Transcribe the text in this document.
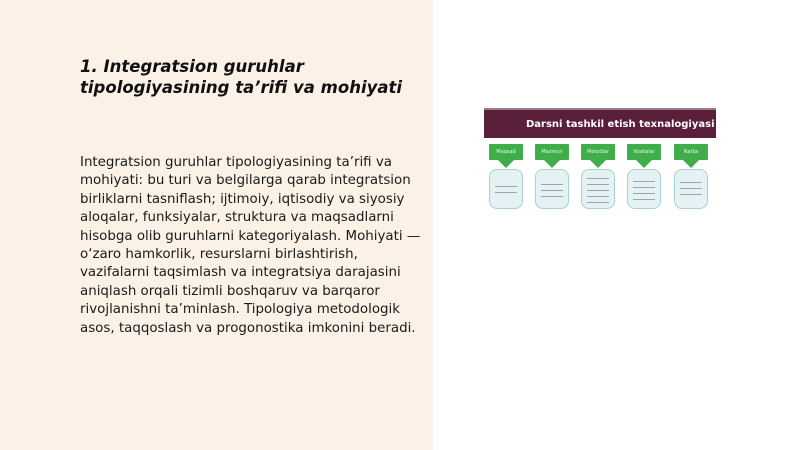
1. Integratsion guruhlar tipologiyasining ta’rifi va mohiyati

Integratsion guruhlar tipologiyasining ta’rifi va mohiyati: bu turi va belgilarga qarab integratsion birliklarni tasniflash; ijtimoiy, iqtisodiy va siyosiy aloqalar, funksiyalar, struktura va maqsadlarni hisobga olib guruhlarni kategoriyalash. Mohiyati — o‘zaro hamkorlik, resurslarni birlashtirish, vazifalarni taqsimlash va integratsiya darajasini aniqlash orqali tizimli boshqaruv va barqaror rivojlanishni ta’minlash. Tipologiya metodologik asos, taqqoslash va progonostika imkonini beradi.

Darsni tashkil etish texnalogiyasi
Maqsad	Mazmun	Metodlar	Vositalar	Natija
